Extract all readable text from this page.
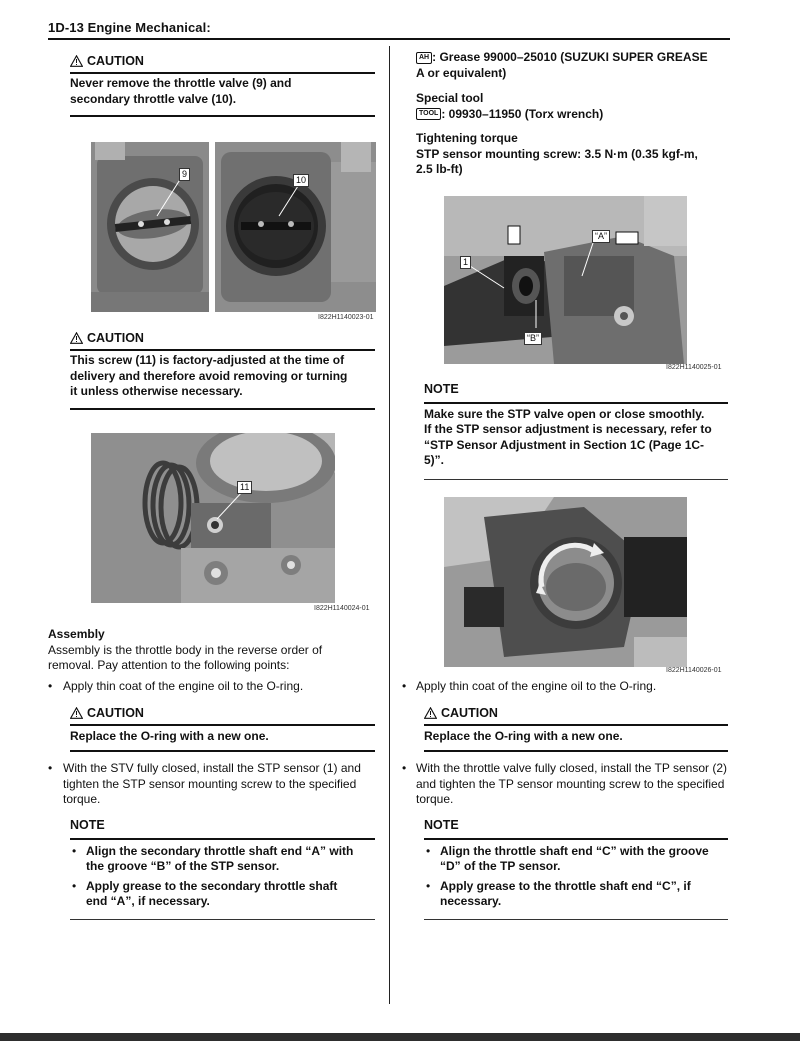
1D-13 Engine Mechanical:
CAUTION
Never remove the throttle valve (9) and secondary throttle valve (10).
9
10
I822H1140023-01
CAUTION
This screw (11) is factory-adjusted at the time of delivery and therefore avoid removing or turning it unless otherwise necessary.
11
I822H1140024-01
Assembly
Assembly is the throttle body in the reverse order of removal. Pay attention to the following points:
• Apply thin coat of the engine oil to the O-ring.
CAUTION
Replace the O-ring with a new one.
• With the STV fully closed, install the STP sensor (1) and tighten the STP sensor mounting screw to the specified torque.
NOTE
• Align the secondary throttle shaft end “A” with the groove “B” of the STP sensor.
• Apply grease to the secondary throttle shaft end “A”, if necessary.
AH : Grease 99000–25010 (SUZUKI SUPER GREASE A or equivalent)
Special tool
TOOL : 09930–11950 (Torx wrench)
Tightening torque
STP sensor mounting screw: 3.5 N·m (0.35 kgf-m, 2.5 lb-ft)
1
“A”
“B”
I822H1140025-01
NOTE
Make sure the STP valve open or close smoothly. If the STP sensor adjustment is necessary, refer to “STP Sensor Adjustment in Section 1C (Page 1C-5)”.
I822H1140026-01
• Apply thin coat of the engine oil to the O-ring.
CAUTION
Replace the O-ring with a new one.
• With the throttle valve fully closed, install the TP sensor (2) and tighten the TP sensor mounting screw to the specified torque.
NOTE
• Align the throttle shaft end “C” with the groove “D” of the TP sensor.
• Apply grease to the throttle shaft end “C”, if necessary.
